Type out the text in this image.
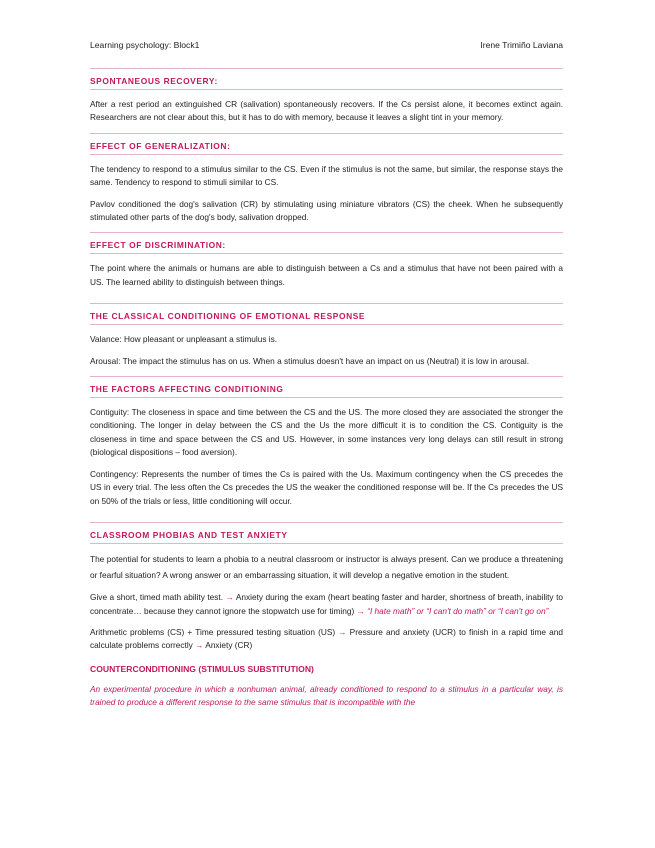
Learning psychology: Block1	Irene Trimiño Laviana
SPONTANEOUS RECOVERY:

After a rest period an extinguished CR (salivation) spontaneously recovers. If the Cs persist alone, it becomes extinct again. Researchers are not clear about this, but it has to do with memory, because it leaves a slight tint in your memory.

EFFECT OF GENERALIZATION:

The tendency to respond to a stimulus similar to the CS. Even if the stimulus is not the same, but similar, the response stays the same. Tendency to respond to stimuli similar to CS.

Pavlov conditioned the dog's salivation (CR) by stimulating using miniature vibrators (CS) the cheek. When he subsequently stimulated other parts of the dog's body, salivation dropped.

EFFECT OF DISCRIMINATION:

The point where the animals or humans are able to distinguish between a Cs and a stimulus that have not been paired with a US. The learned ability to distinguish between things.

THE CLASSICAL CONDITIONING OF EMOTIONAL RESPONSE

Valance: How pleasant or unpleasant a stimulus is.

Arousal: The impact the stimulus has on us. When a stimulus doesn't have an impact on us (Neutral) it is low in arousal.

THE FACTORS AFFECTING CONDITIONING

Contiguity: The closeness in space and time between the CS and the US. The more closed they are associated the stronger the conditioning. The longer in delay between the CS and the Us the more difficult it is to condition the CS. Contiguity is the closeness in time and space between the CS and US. However, in some instances very long delays can still result in strong (biological dispositions – food aversion).

Contingency: Represents the number of times the Cs is paired with the Us. Maximum contingency when the CS precedes the US in every trial. The less often the Cs precedes the US the weaker the conditioned response will be. If the Cs precedes the US on 50% of the trials or less, little conditioning will occur.

CLASSROOM PHOBIAS AND TEST ANXIETY

The potential for students to learn a phobia to a neutral classroom or instructor is always present. Can we produce a threatening or fearful situation? A wrong answer or an embarrassing situation, it will develop a negative emotion in the student.

Give a short, timed math ability test. → Anxiety during the exam (heart beating faster and harder, shortness of breath, inability to concentrate… because they cannot ignore the stopwatch use for timing) → “I hate math” or “I can't do math” or “I can't go on”

Arithmetic problems (CS) + Time pressured testing situation (US) → Pressure and anxiety (UCR) to finish in a rapid time and calculate problems correctly → Anxiety (CR)

COUNTERCONDITIONING (STIMULUS SUBSTITUTION)

An experimental procedure in which a nonhuman animal, already conditioned to respond to a stimulus in a particular way, is trained to produce a different response to the same stimulus that is incompatible with the
